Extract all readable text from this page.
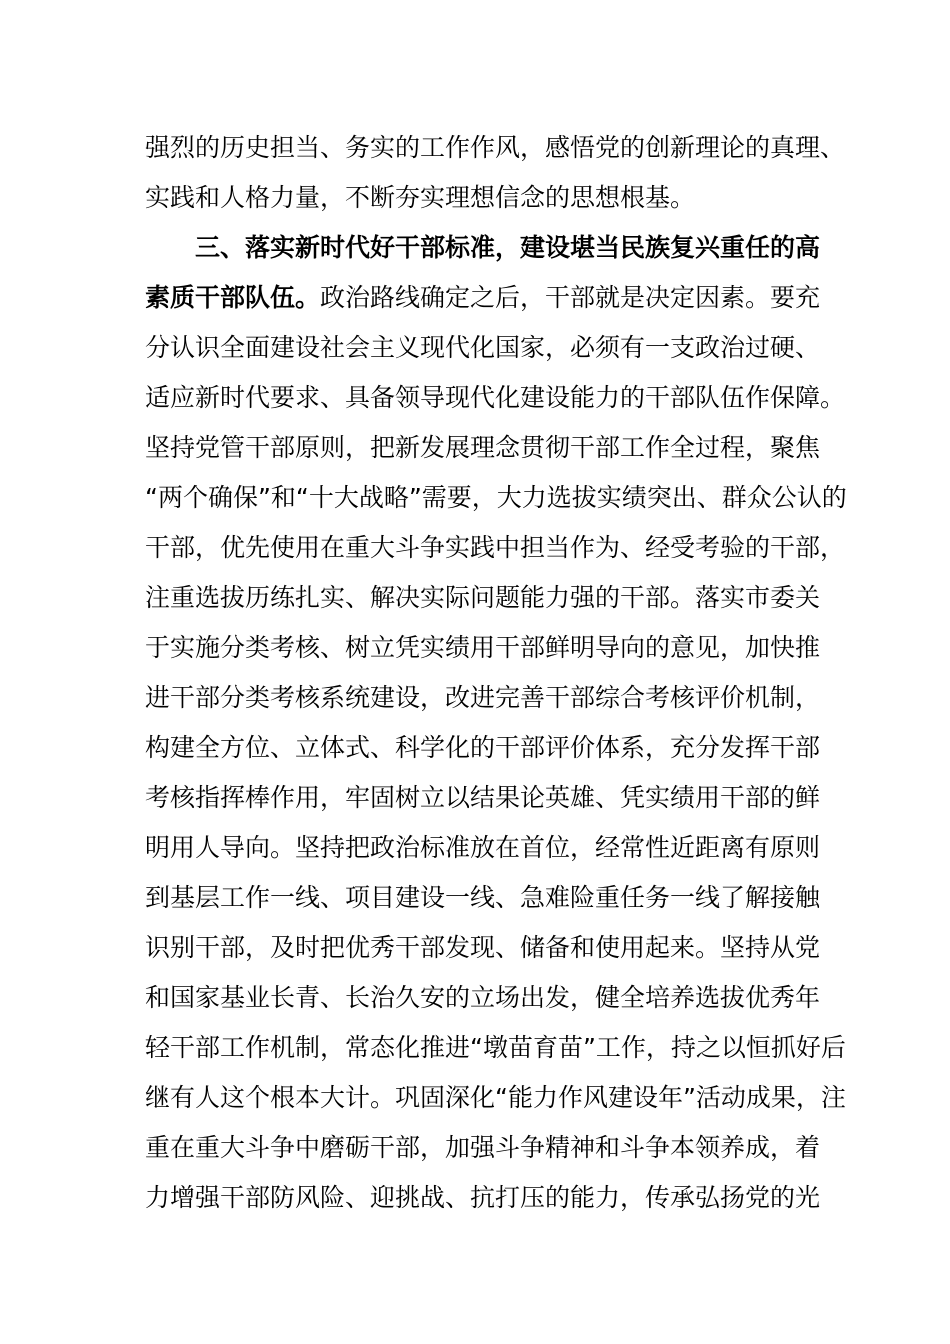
强烈的历史担当、务实的工作作风，感悟党的创新理论的真理、
实践和人格力量，不断夯实理想信念的思想根基。
三、落实新时代好干部标准，建设堪当民族复兴重任的高
素质干部队伍。政治路线确定之后，干部就是决定因素。要充
分认识全面建设社会主义现代化国家，必须有一支政治过硬、
适应新时代要求、具备领导现代化建设能力的干部队伍作保障。
坚持党管干部原则，把新发展理念贯彻干部工作全过程，聚焦
“两个确保”和“十大战略”需要，大力选拔实绩突出、群众公认的
干部，优先使用在重大斗争实践中担当作为、经受考验的干部，
注重选拔历练扎实、解决实际问题能力强的干部。落实市委关
于实施分类考核、树立凭实绩用干部鲜明导向的意见，加快推
进干部分类考核系统建设，改进完善干部综合考核评价机制，
构建全方位、立体式、科学化的干部评价体系，充分发挥干部
考核指挥棒作用，牢固树立以结果论英雄、凭实绩用干部的鲜
明用人导向。坚持把政治标准放在首位，经常性近距离有原则
到基层工作一线、项目建设一线、急难险重任务一线了解接触
识别干部，及时把优秀干部发现、储备和使用起来。坚持从党
和国家基业长青、长治久安的立场出发，健全培养选拔优秀年
轻干部工作机制，常态化推进“墩苗育苗”工作，持之以恒抓好后
继有人这个根本大计。巩固深化“能力作风建设年”活动成果，注
重在重大斗争中磨砺干部，加强斗争精神和斗争本领养成，着
力增强干部防风险、迎挑战、抗打压的能力，传承弘扬党的光
